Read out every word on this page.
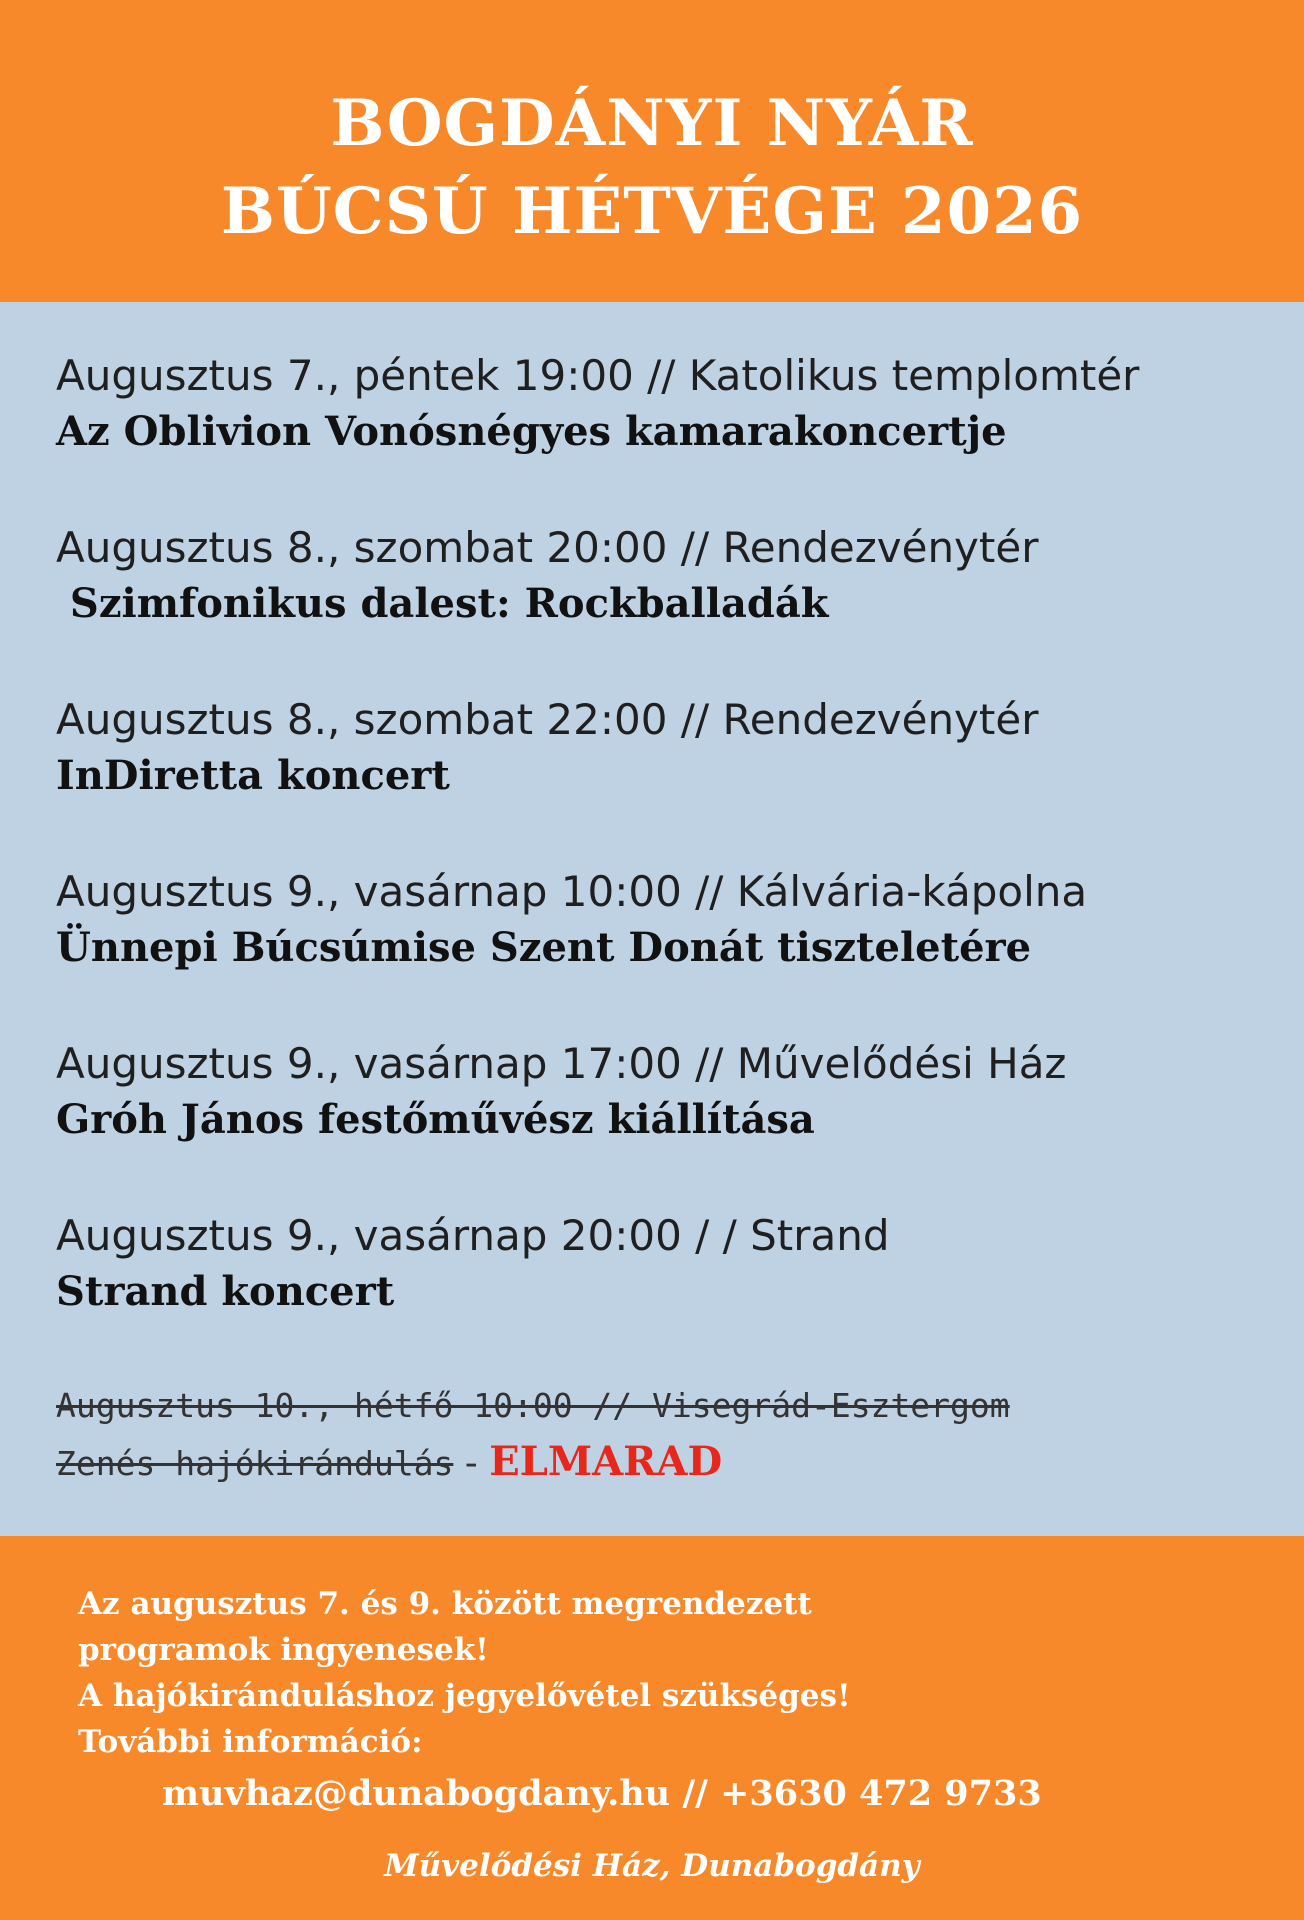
BOGDÁNYI NYÁR
BÚCSÚ HÉTVÉGE 2026
Augusztus 7., péntek 19:00 // Katolikus templomtér
Az Oblivion Vonósnégyes kamarakoncertje
Augusztus 8., szombat 20:00 // Rendezvénytér
Szimfonikus dalest: Rockballadák
Augusztus 8., szombat 22:00 // Rendezvénytér
InDiretta koncert
Augusztus 9., vasárnap 10:00 // Kálvária-kápolna
Ünnepi Búcsúmise Szent Donát tiszteletére
Augusztus 9., vasárnap 17:00 // Művelődési Ház
Gróh János festőművész kiállítása
Augusztus 9., vasárnap 20:00 / / Strand
Strand koncert
Augusztus 10., hétfő 10:00 // Visegrád-Esztergom
Zenés hajókirándulás - ELMARAD
Az augusztus 7. és 9. között megrendezett
programok ingyenesek!
A hajókiránduláshoz jegyelővétel szükséges!
További információ:
muvhaz@dunabogdany.hu // +3630 472 9733
Művelődési Ház, Dunabogdány
